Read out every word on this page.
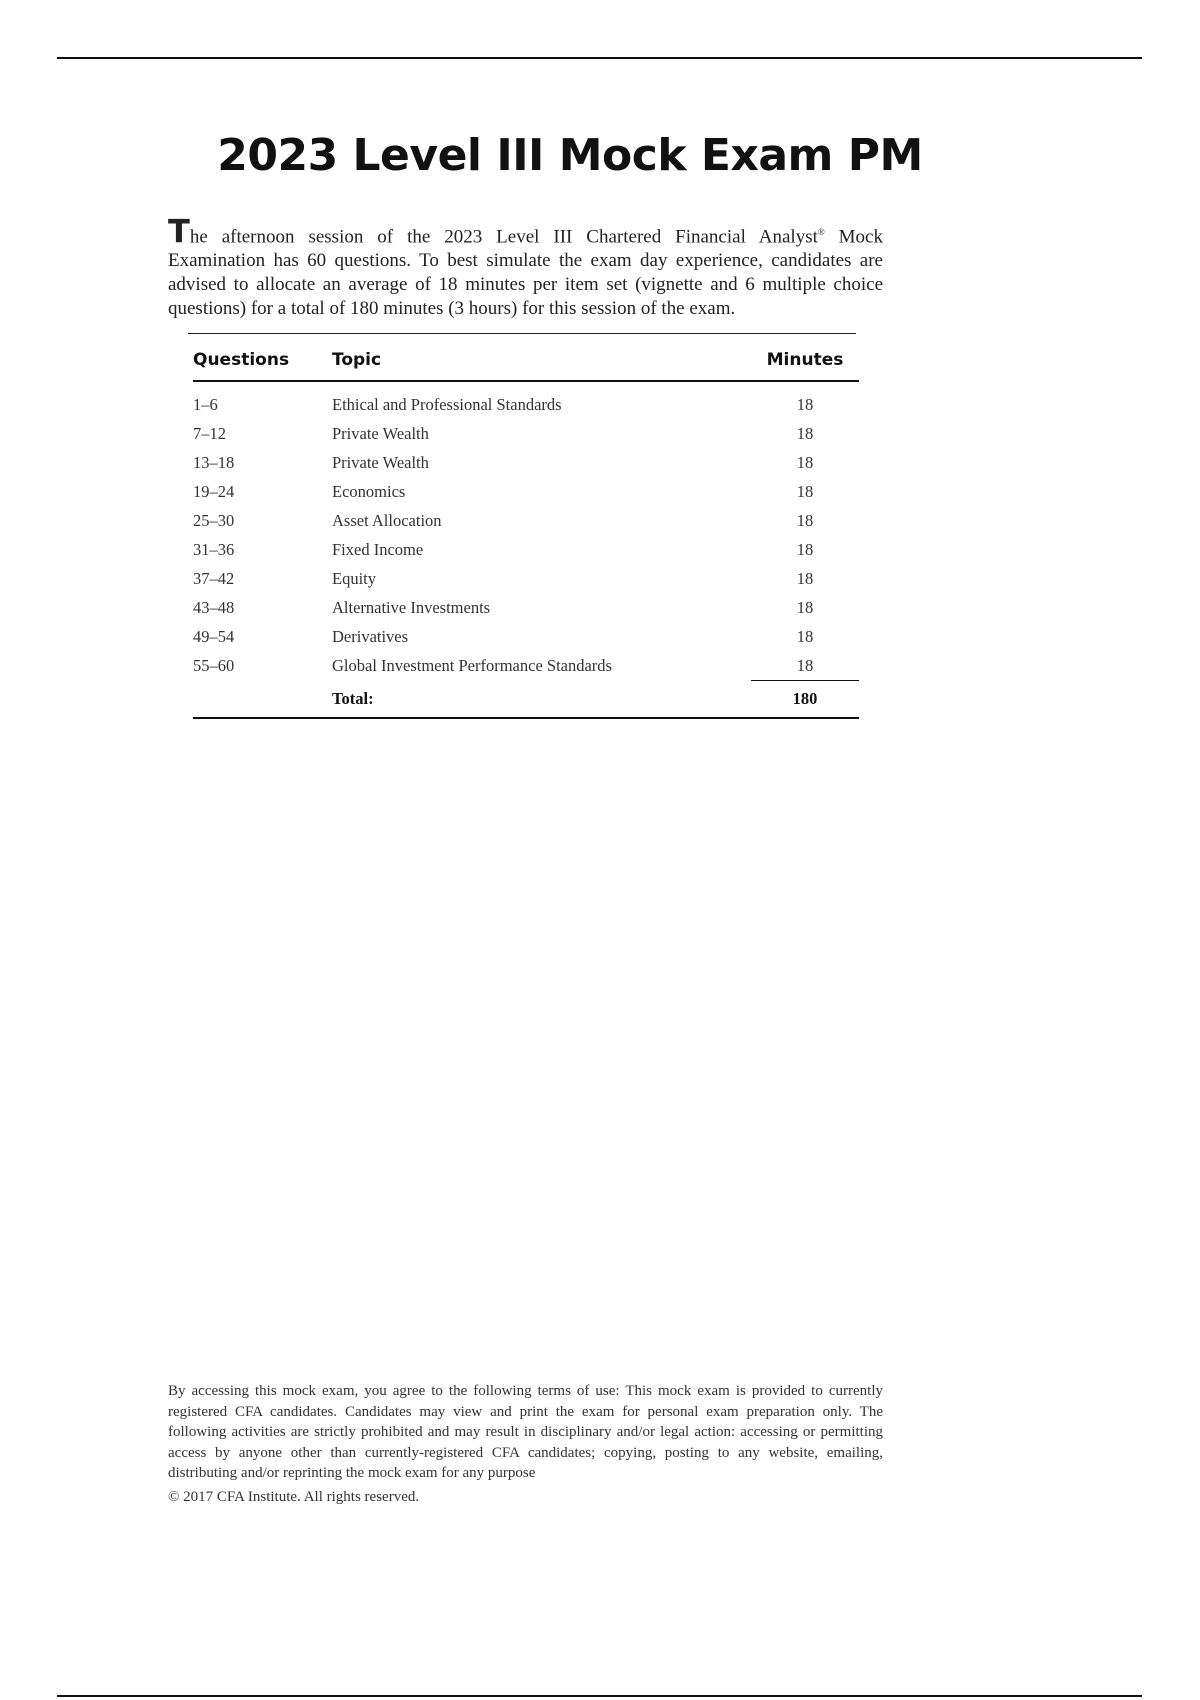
2023 Level III Mock Exam PM

The afternoon session of the 2023 Level III Chartered Financial Analyst® Mock Examination has 60 questions. To best simulate the exam day experience, candidates are advised to allocate an average of 18 minutes per item set (vignette and 6 multiple choice questions) for a total of 180 minutes (3 hours) for this session of the exam.

Questions	Topic	Minutes
1–6	Ethical and Professional Standards	18
7–12	Private Wealth	18
13–18	Private Wealth	18
19–24	Economics	18
25–30	Asset Allocation	18
31–36	Fixed Income	18
37–42	Equity	18
43–48	Alternative Investments	18
49–54	Derivatives	18
55–60	Global Investment Performance Standards	18
	Total:	180

By accessing this mock exam, you agree to the following terms of use: This mock exam is provided to currently registered CFA candidates. Candidates may view and print the exam for personal exam preparation only. The following activities are strictly prohibited and may result in disciplinary and/or legal action: accessing or permitting access by anyone other than currently-registered CFA candidates; copying, posting to any website, emailing, distributing and/or reprinting the mock exam for any purpose

© 2017 CFA Institute. All rights reserved.
